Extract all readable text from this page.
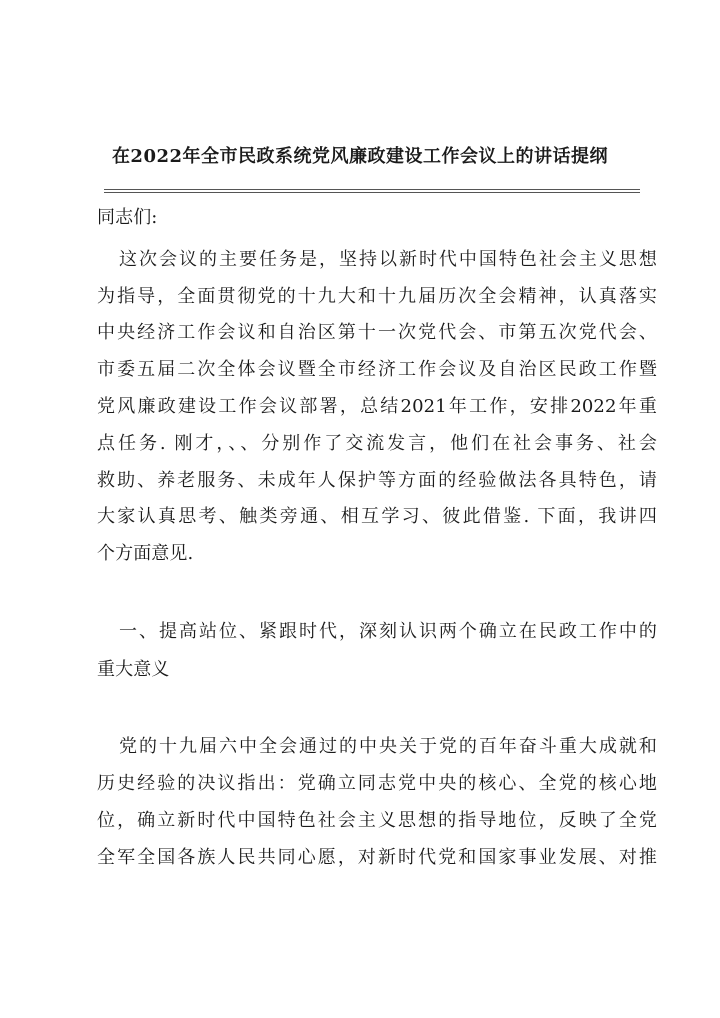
在2022年全市民政系统党风廉政建设工作会议上的讲话提纲
同志们:
这次会议的主要任务是，坚持以新时代中国特色社会主义思想
为指导，全面贯彻党的十九大和十九届历次全会精神，认真落实
中央经济工作会议和自治区第十一次党代会、市第五次党代会、
市委五届二次全体会议暨全市经济工作会议及自治区民政工作暨
党风廉政建设工作会议部署，总结2021年工作，安排2022年重
点任务. 刚才，、、分别作了交流发言，他们在社会事务、社会
救助、养老服务、未成年人保护等方面的经验做法各具特色，请
大家认真思考、触类旁通、相互学习、彼此借鉴. 下面，我讲四
个方面意见.
一、提高站位、紧跟时代，深刻认识两个确立在民政工作中的
重大意义
党的十九届六中全会通过的中央关于党的百年奋斗重大成就和
历史经验的决议指出：党确立同志党中央的核心、全党的核心地
位，确立新时代中国特色社会主义思想的指导地位，反映了全党
全军全国各族人民共同心愿，对新时代党和国家事业发展、对推
